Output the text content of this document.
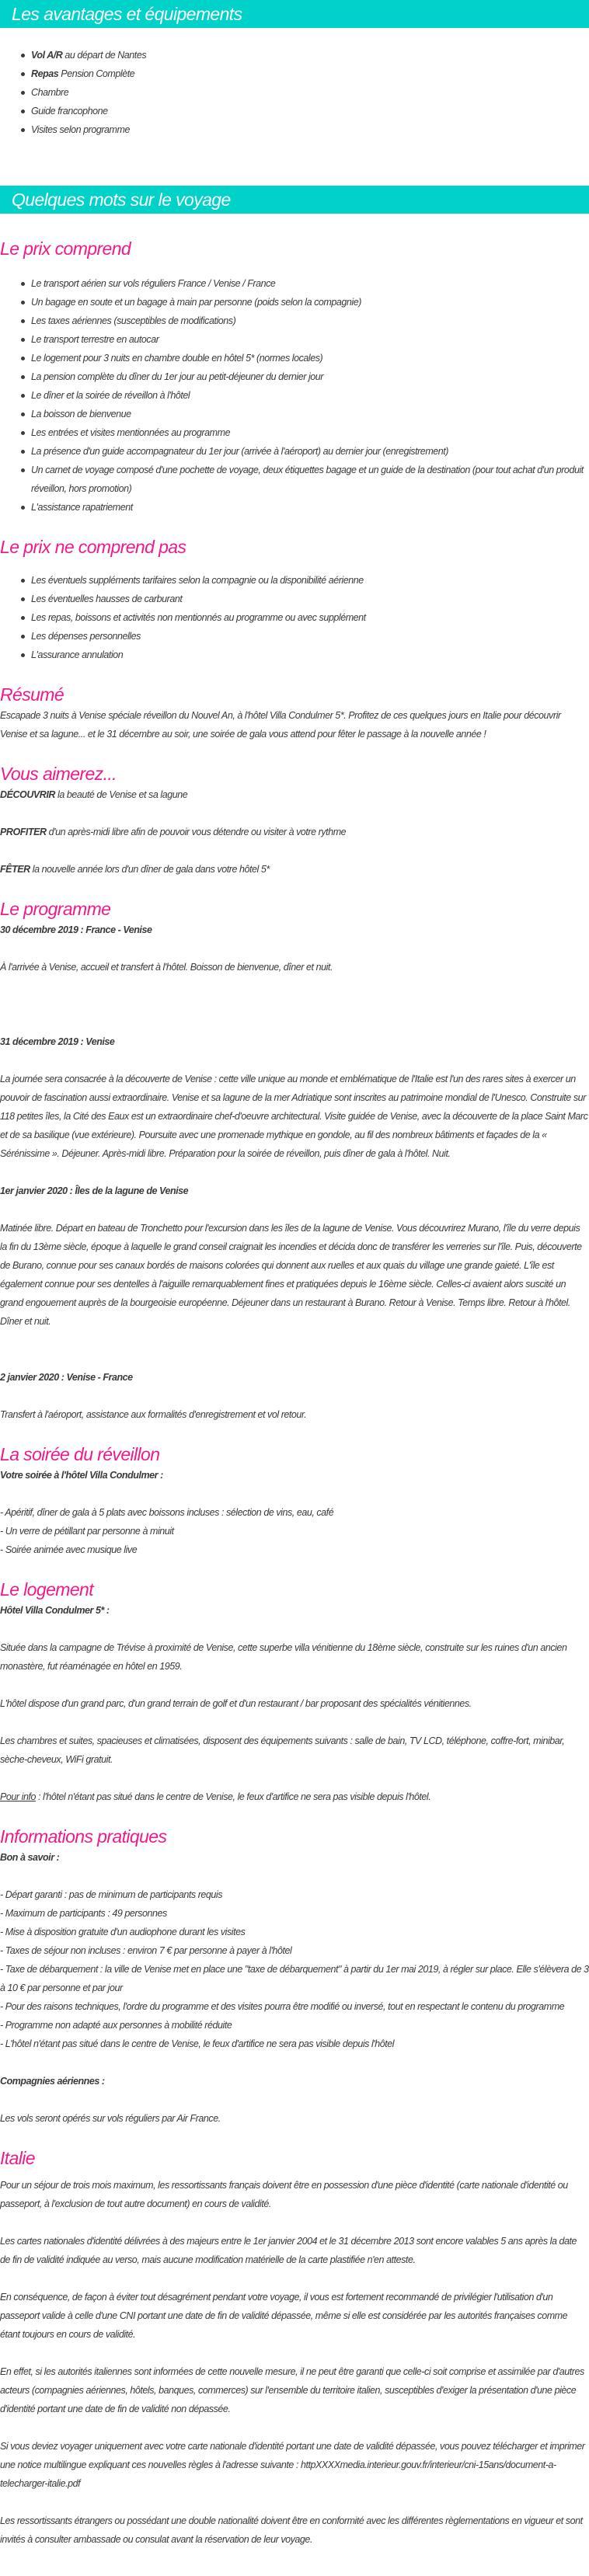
Les avantages et équipements
Vol A/R au départ de Nantes
Repas Pension Complète
Chambre
Guide francophone
Visites selon programme
Quelques mots sur le voyage
Le prix comprend
Le transport aérien sur vols réguliers France / Venise / France
Un bagage en soute et un bagage à main par personne (poids selon la compagnie)
Les taxes aériennes (susceptibles de modifications)
Le transport terrestre en autocar
Le logement pour 3 nuits en chambre double en hôtel 5* (normes locales)
La pension complète du dîner du 1er jour au petit-déjeuner du dernier jour
Le dîner et la soirée de réveillon à l'hôtel
La boisson de bienvenue
Les entrées et visites mentionnées au programme
La présence d'un guide accompagnateur du 1er jour (arrivée à l'aéroport) au dernier jour (enregistrement)
Un carnet de voyage composé d'une pochette de voyage, deux étiquettes bagage et un guide de la destination (pour tout achat d'un produit réveillon, hors promotion)
L'assistance rapatriement
Le prix ne comprend pas
Les éventuels suppléments tarifaires selon la compagnie ou la disponibilité aérienne
Les éventuelles hausses de carburant
Les repas, boissons et activités non mentionnés au programme ou avec supplément
Les dépenses personnelles
L'assurance annulation
Résumé

Escapade 3 nuits à Venise spéciale réveillon du Nouvel An, à l'hôtel Villa Condulmer 5*. Profitez de ces quelques jours en Italie pour découvrir Venise et sa lagune... et le 31 décembre au soir, une soirée de gala vous attend pour fêter le passage à la nouvelle année !

Vous aimerez...

DÉCOUVRIR la beauté de Venise et sa lagune

PROFITER d'un après-midi libre afin de pouvoir vous détendre ou visiter à votre rythme

FÊTER la nouvelle année lors d'un dîner de gala dans votre hôtel 5*

Le programme

30 décembre 2019 : France - Venise

À l'arrivée à Venise, accueil et transfert à l'hôtel. Boisson de bienvenue, dîner et nuit.

31 décembre 2019 : Venise

La journée sera consacrée à la découverte de Venise : cette ville unique au monde et emblématique de l'Italie est l'un des rares sites à exercer un pouvoir de fascination aussi extraordinaire. Venise et sa lagune de la mer Adriatique sont inscrites au patrimoine mondial de l'Unesco. Construite sur 118 petites îles, la Cité des Eaux est un extraordinaire chef-d'oeuvre architectural. Visite guidée de Venise, avec la découverte de la place Saint Marc et de sa basilique (vue extérieure). Poursuite avec une promenade mythique en gondole, au fil des nombreux bâtiments et façades de la « Sérénissime ». Déjeuner. Après-midi libre. Préparation pour la soirée de réveillon, puis dîner de gala à l'hôtel. Nuit.

1er janvier 2020 : Îles de la lagune de Venise

Matinée libre. Départ en bateau de Tronchetto pour l'excursion dans les îles de la lagune de Venise. Vous découvrirez Murano, l'île du verre depuis la fin du 13ème siècle, époque à laquelle le grand conseil craignait les incendies et décida donc de transférer les verreries sur l'île. Puis, découverte de Burano, connue pour ses canaux bordés de maisons colorées qui donnent aux ruelles et aux quais du village une grande gaieté. L'île est également connue pour ses dentelles à l'aiguille remarquablement fines et pratiquées depuis le 16ème siècle. Celles-ci avaient alors suscité un grand engouement auprès de la bourgeoisie européenne. Déjeuner dans un restaurant à Burano. Retour à Venise. Temps libre. Retour à l'hôtel. Dîner et nuit.

2 janvier 2020 : Venise - France

Transfert à l'aéroport, assistance aux formalités d'enregistrement et vol retour.

La soirée du réveillon

Votre soirée à l'hôtel Villa Condulmer :

- Apéritif, dîner de gala à 5 plats avec boissons incluses : sélection de vins, eau, café

- Un verre de pétillant par personne à minuit

- Soirée animée avec musique live

Le logement

Hôtel Villa Condulmer 5* :

Située dans la campagne de Trévise à proximité de Venise, cette superbe villa vénitienne du 18ème siècle, construite sur les ruines d'un ancien monastère, fut réaménagée en hôtel en 1959.

L'hôtel dispose d'un grand parc, d'un grand terrain de golf et d'un restaurant / bar proposant des spécialités vénitiennes.

Les chambres et suites, spacieuses et climatisées, disposent des équipements suivants : salle de bain, TV LCD, téléphone, coffre-fort, minibar, sèche-cheveux, WiFi gratuit.

Pour info : l'hôtel n'étant pas situé dans le centre de Venise, le feux d'artifice ne sera pas visible depuis l'hôtel.

Informations pratiques

Bon à savoir :

- Départ garanti : pas de minimum de participants requis

- Maximum de participants : 49 personnes

- Mise à disposition gratuite d'un audiophone durant les visites

- Taxes de séjour non incluses : environ 7 € par personne à payer à l'hôtel

- Taxe de débarquement : la ville de Venise met en place une "taxe de débarquement" à partir du 1er mai 2019, à régler sur place. Elle s'élèvera de 3 à 10 € par personne et par jour

- Pour des raisons techniques, l'ordre du programme et des visites pourra être modifié ou inversé, tout en respectant le contenu du programme

- Programme non adapté aux personnes à mobilité réduite

- L'hôtel n'étant pas situé dans le centre de Venise, le feux d'artifice ne sera pas visible depuis l'hôtel

Compagnies aériennes :

Les vols seront opérés sur vols réguliers par Air France.

Italie

Pour un séjour de trois mois maximum, les ressortissants français doivent être en possession d'une pièce d'identité (carte nationale d'identité ou passeport, à l'exclusion de tout autre document) en cours de validité.

Les cartes nationales d'identité délivrées à des majeurs entre le 1er janvier 2004 et le 31 décembre 2013 sont encore valables 5 ans après la date de fin de validité indiquée au verso, mais aucune modification matérielle de la carte plastifiée n'en atteste.

En conséquence, de façon à éviter tout désagrément pendant votre voyage, il vous est fortement recommandé de privilégier l'utilisation d'un passeport valide à celle d'une CNI portant une date de fin de validité dépassée, même si elle est considérée par les autorités françaises comme étant toujours en cours de validité.

En effet, si les autorités italiennes sont informées de cette nouvelle mesure, il ne peut être garanti que celle-ci soit comprise et assimilée par d'autres acteurs (compagnies aériennes, hôtels, banques, commerces) sur l'ensemble du territoire italien, susceptibles d'exiger la présentation d'une pièce d'identité portant une date de fin de validité non dépassée.

Si vous deviez voyager uniquement avec votre carte nationale d'identité portant une date de validité dépassée, vous pouvez télécharger et imprimer une notice multilingue expliquant ces nouvelles règles à l'adresse suivante : httpXXXXmedia.interieur.gouv.fr/interieur/cni-15ans/document-a-telecharger-italie.pdf

Les ressortissants étrangers ou possédant une double nationalité doivent être en conformité avec les différentes règlementations en vigueur et sont invités à consulter ambassade ou consulat avant la réservation de leur voyage.
